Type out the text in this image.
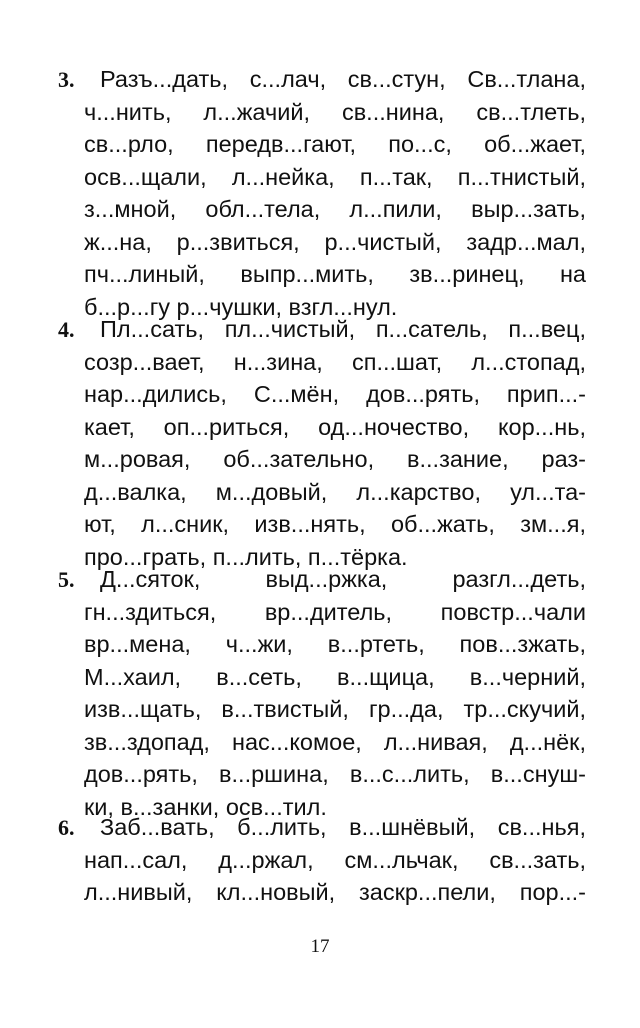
3.	Разъ...дать, с...лач, св...стун, Св...тлана,
ч...нить, л...жачий, св...нина, св...тлеть,
св...рло, передв...гают, по...с, об...жает,
осв...щали, л...нейка, п...так, п...тнистый,
з...мной, обл...тела, л...пили, выр...зать,
ж...на, р...звиться, р...чистый, задр...мал,
пч...линый, выпр...мить, зв...ринец, на
б...р...гу р...чушки, взгл...нул.
4.	Пл...сать, пл...чистый, п...сатель, п...вец,
созр...вает, н...зина, сп...шат, л...стопад,
нар...дились, С...мён, дов...рять, прип...-
кает, оп...риться, од...ночество, кор...нь,
м...ровая, об...зательно, в...зание, раз-
д...валка, м...довый, л...карство, ул...та-
ют, л...сник, изв...нять, об...жать, зм...я,
про...грать, п...лить, п...тёрка.
5.	Д...сяток, выд...ржка, разгл...деть,
гн...здиться, вр...дитель, повстр...чали
вр...мена, ч...жи, в...ртеть, пов...зжать,
М...хаил, в...сеть, в...щица, в...черний,
изв...щать, в...твистый, гр...да, тр...скучий,
зв...здопад, нас...комое, л...нивая, д...нёк,
дов...рять, в...ршина, в...с...лить, в...снуш-
ки, в...занки, осв...тил.
6.	Заб...вать, б...лить, в...шнёвый, св...нья,
нап...сал, д...ржал, см...льчак, св...зать,
л...нивый, кл...новый, заскр...пели, пор...-
17
